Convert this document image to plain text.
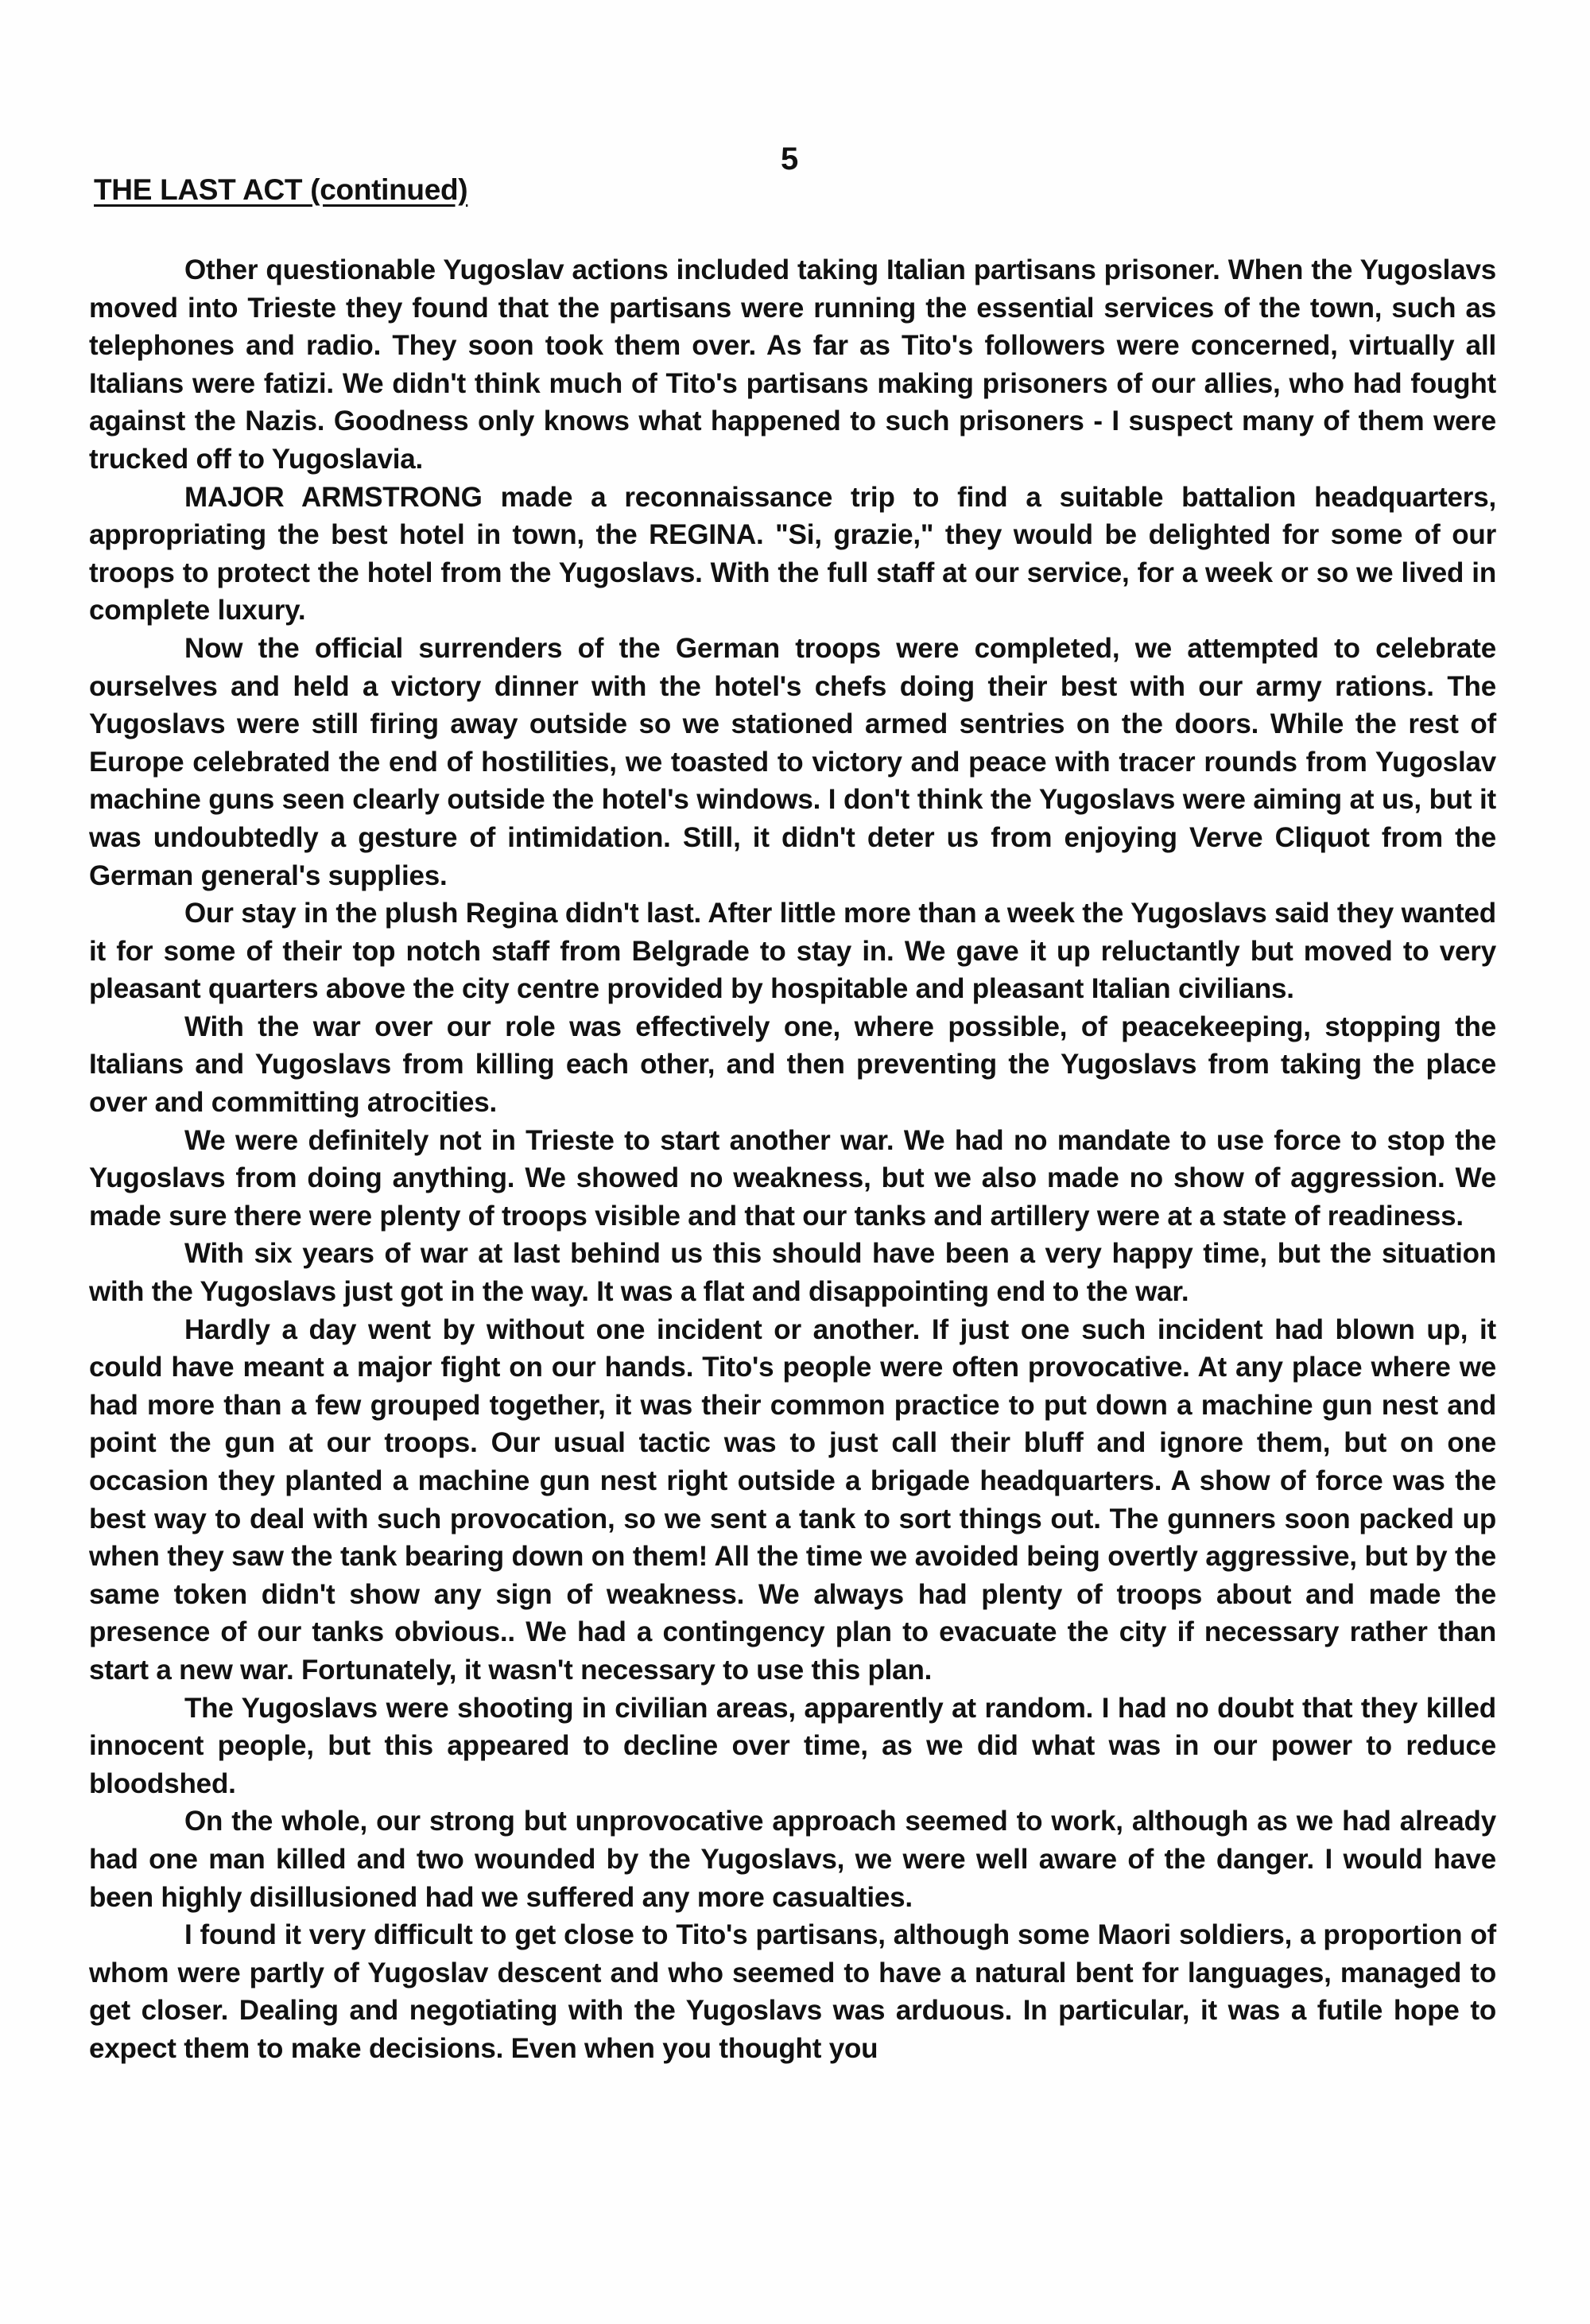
5

THE LAST ACT (continued)

Other questionable Yugoslav actions included taking Italian partisans prisoner. When the Yugoslavs moved into Trieste they found that the partisans were running the essential services of the town, such as telephones and radio. They soon took them over. As far as Tito's followers were concerned, virtually all Italians were fatizi. We didn't think much of Tito's partisans making prisoners of our allies, who had fought against the Nazis. Goodness only knows what happened to such prisoners - I suspect many of them were trucked off to Yugoslavia.

MAJOR ARMSTRONG made a reconnaissance trip to find a suitable battalion headquarters, appropriating the best hotel in town, the REGINA. "Si, grazie," they would be delighted for some of our troops to protect the hotel from the Yugoslavs. With the full staff at our service, for a week or so we lived in complete luxury.

Now the official surrenders of the German troops were completed, we attempted to celebrate ourselves and held a victory dinner with the hotel's chefs doing their best with our army rations. The Yugoslavs were still firing away outside so we stationed armed sentries on the doors. While the rest of Europe celebrated the end of hostilities, we toasted to victory and peace with tracer rounds from Yugoslav machine guns seen clearly outside the hotel's windows. I don't think the Yugoslavs were aiming at us, but it was undoubtedly a gesture of intimidation. Still, it didn't deter us from enjoying Verve Cliquot from the German general's supplies.

Our stay in the plush Regina didn't last. After little more than a week the Yugoslavs said they wanted it for some of their top notch staff from Belgrade to stay in. We gave it up reluctantly but moved to very pleasant quarters above the city centre provided by hospitable and pleasant Italian civilians.

With the war over our role was effectively one, where possible, of peacekeeping, stopping the Italians and Yugoslavs from killing each other, and then preventing the Yugoslavs from taking the place over and committing atrocities.

We were definitely not in Trieste to start another war. We had no mandate to use force to stop the Yugoslavs from doing anything. We showed no weakness, but we also made no show of aggression. We made sure there were plenty of troops visible and that our tanks and artillery were at a state of readiness.

With six years of war at last behind us this should have been a very happy time, but the situation with the Yugoslavs just got in the way. It was a flat and disappointing end to the war.

Hardly a day went by without one incident or another. If just one such incident had blown up, it could have meant a major fight on our hands. Tito's people were often provocative. At any place where we had more than a few grouped together, it was their common practice to put down a machine gun nest and point the gun at our troops. Our usual tactic was to just call their bluff and ignore them, but on one occasion they planted a machine gun nest right outside a brigade headquarters. A show of force was the best way to deal with such provocation, so we sent a tank to sort things out. The gunners soon packed up when they saw the tank bearing down on them! All the time we avoided being overtly aggressive, but by the same token didn't show any sign of weakness. We always had plenty of troops about and made the presence of our tanks obvious.. We had a contingency plan to evacuate the city if necessary rather than start a new war. Fortunately, it wasn't necessary to use this plan.

The Yugoslavs were shooting in civilian areas, apparently at random. I had no doubt that they killed innocent people, but this appeared to decline over time, as we did what was in our power to reduce bloodshed.

On the whole, our strong but unprovocative approach seemed to work, although as we had already had one man killed and two wounded by the Yugoslavs, we were well aware of the danger. I would have been highly disillusioned had we suffered any more casualties.

I found it very difficult to get close to Tito's partisans, although some Maori soldiers, a proportion of whom were partly of Yugoslav descent and who seemed to have a natural bent for languages, managed to get closer. Dealing and negotiating with the Yugoslavs was arduous. In particular, it was a futile hope to expect them to make decisions. Even when you thought you
